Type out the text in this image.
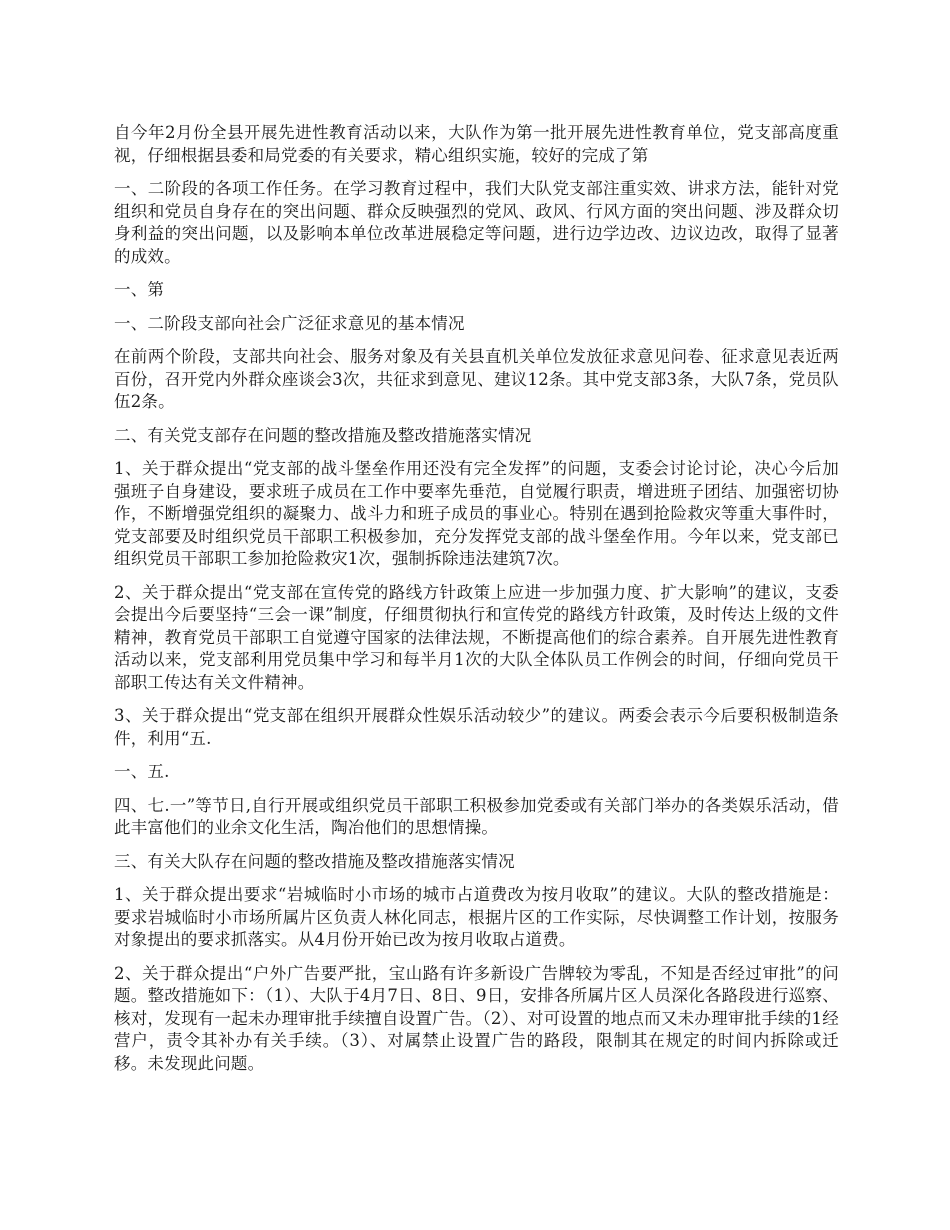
自今年2月份全县开展先进性教育活动以来，大队作为第一批开展先进性教育单位，党支部高度重视，仔细根据县委和局党委的有关要求，精心组织实施，较好的完成了第

一、二阶段的各项工作任务。在学习教育过程中，我们大队党支部注重实效、讲求方法，能针对党组织和党员自身存在的突出问题、群众反映强烈的党风、政风、行风方面的突出问题、涉及群众切身利益的突出问题，以及影响本单位改革进展稳定等问题，进行边学边改、边议边改，取得了显著的成效。

一、第

一、二阶段支部向社会广泛征求意见的基本情况

在前两个阶段，支部共向社会、服务对象及有关县直机关单位发放征求意见问卷、征求意见表近两百份，召开党内外群众座谈会3次，共征求到意见、建议12条。其中党支部3条，大队7条，党员队伍2条。

二、有关党支部存在问题的整改措施及整改措施落实情况

1、关于群众提出“党支部的战斗堡垒作用还没有完全发挥”的问题，支委会讨论讨论，决心今后加强班子自身建设，要求班子成员在工作中要率先垂范，自觉履行职责，增进班子团结、加强密切协作，不断增强党组织的凝聚力、战斗力和班子成员的事业心。特别在遇到抢险救灾等重大事件时，党支部要及时组织党员干部职工积极参加，充分发挥党支部的战斗堡垒作用。今年以来，党支部已组织党员干部职工参加抢险救灾1次，强制拆除违法建筑7次。

2、关于群众提出“党支部在宣传党的路线方针政策上应进一步加强力度、扩大影响”的建议，支委会提出今后要坚持“三会一课”制度，仔细贯彻执行和宣传党的路线方针政策，及时传达上级的文件精神，教育党员干部职工自觉遵守国家的法律法规，不断提高他们的综合素养。自开展先进性教育活动以来，党支部利用党员集中学习和每半月1次的大队全体队员工作例会的时间，仔细向党员干部职工传达有关文件精神。

3、关于群众提出“党支部在组织开展群众性娱乐活动较少”的建议。两委会表示今后要积极制造条件，利用“五.

一、五.

四、七.一”等节日,自行开展或组织党员干部职工积极参加党委或有关部门举办的各类娱乐活动，借此丰富他们的业余文化生活，陶冶他们的思想情操。

三、有关大队存在问题的整改措施及整改措施落实情况

1、关于群众提出要求“岩城临时小市场的城市占道费改为按月收取”的建议。大队的整改措施是：要求岩城临时小市场所属片区负责人林化同志，根据片区的工作实际，尽快调整工作计划，按服务对象提出的要求抓落实。从4月份开始已改为按月收取占道费。

2、关于群众提出“户外广告要严批，宝山路有许多新设广告牌较为零乱，不知是否经过审批”的问题。整改措施如下：（1）、大队于4月7日、8日、9日，安排各所属片区人员深化各路段进行巡察、核对，发现有一起未办理审批手续擅自设置广告。（2）、对可设置的地点而又未办理审批手续的1经营户，责令其补办有关手续。（3）、对属禁止设置广告的路段，限制其在规定的时间内拆除或迁移。未发现此问题。
